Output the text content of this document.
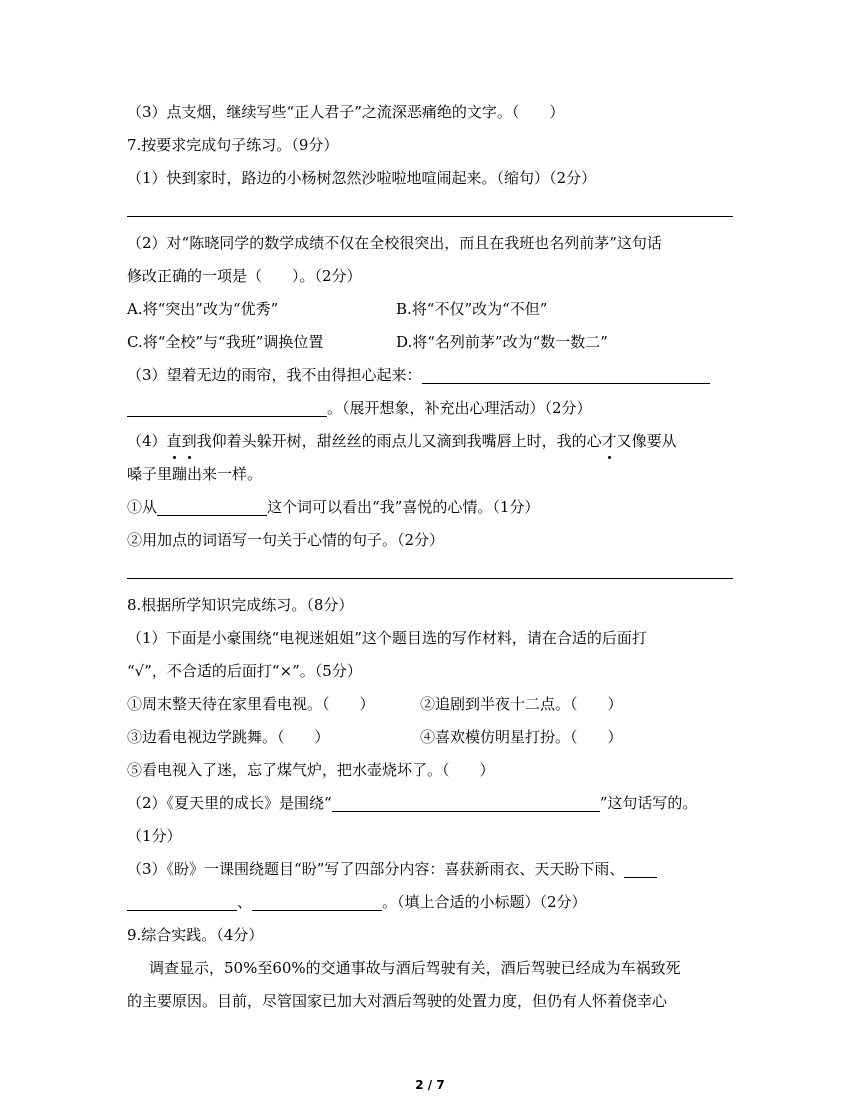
（3）点支烟，继续写些“正人君子”之流深恶痛绝的文字。（　　）
7.按要求完成句子练习。（9分）
（1）快到家时，路边的小杨树忽然沙啦啦地喧闹起来。（缩句）（2分）
（2）对“陈晓同学的数学成绩不仅在全校很突出，而且在我班也名列前茅”这句话
修改正确的一项是（　　）。（2分）
A.将“突出”改为“优秀”	B.将“不仅”改为“不但”
C.将“全校”与“我班”调换位置	D.将“名列前茅”改为“数一数二”
（3）望着无边的雨帘，我不由得担心起来：
。（展开想象，补充出心理活动）（2分）
（4）直到我仰着头躲开树，甜丝丝的雨点儿又滴到我嘴唇上时，我的心才又像要从
嗓子里蹦出来一样。
①从	这个词可以看出“我”喜悦的心情。（1分）
②用加点的词语写一句关于心情的句子。（2分）
8.根据所学知识完成练习。（8分）
（1）下面是小豪围绕“电视迷姐姐”这个题目选的写作材料，请在合适的后面打
“√”，不合适的后面打“×”。（5分）
①周末整天待在家里看电视。（　　）	②追剧到半夜十二点。（　　）
③边看电视边学跳舞。（　　）	④喜欢模仿明星打扮。（　　）
⑤看电视入了迷，忘了煤气炉，把水壶烧坏了。（　　）
（2）《夏天里的成长》是围绕“	”这句话写的。
（1分）
（3）《盼》一课围绕题目“盼”写了四部分内容：喜获新雨衣、天天盼下雨、
、	。（填上合适的小标题）（2分）
9.综合实践。（4分）
调查显示，50%至60%的交通事故与酒后驾驶有关，酒后驾驶已经成为车祸致死
的主要原因。目前，尽管国家已加大对酒后驾驶的处置力度，但仍有人怀着侥幸心
2 / 7
